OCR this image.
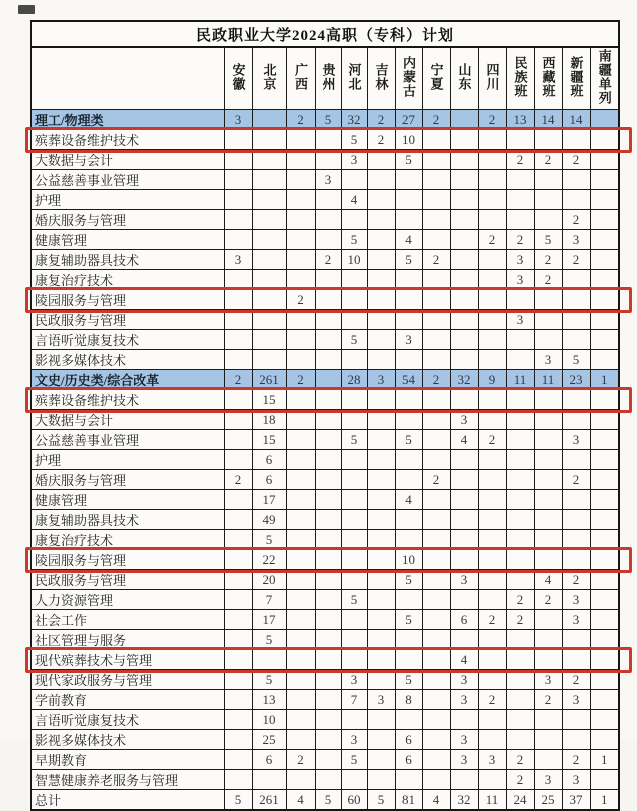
民政职业大学2024高职（专科）计划														
	安徽	北京	广西	贵州	河北	吉林	内蒙古	宁夏	山东	四川	民族班	西藏班	新疆班	南疆单列
理工/物理类	3		2	5	32	2	27	2		2	13	14	14	
殡葬设备维护技术					5	2	10							
大数据与会计					3		5				2	2	2	
公益慈善事业管理				3										
护理					4									
婚庆服务与管理													2	
健康管理					5		4			2	2	5	3	
康复辅助器具技术	3			2	10		5	2			3	2	2	
康复治疗技术											3	2		
陵园服务与管理			2											
民政服务与管理											3			
言语听觉康复技术					5		3							
影视多媒体技术												3	5	
文史/历史类/综合改革	2	261	2		28	3	54	2	32	9	11	11	23	1
殡葬设备维护技术		15												
大数据与会计		18							3					
公益慈善事业管理		15			5		5		4	2			3	
护理		6												
婚庆服务与管理	2	6						2					2	
健康管理		17					4							
康复辅助器具技术		49												
康复治疗技术		5												
陵园服务与管理		22					10							
民政服务与管理		20					5		3			4	2	
人力资源管理		7			5						2	2	3	
社会工作		17					5		6	2	2		3	
社区管理与服务		5												
现代殡葬技术与管理									4					
现代家政服务与管理		5			3		5		3			3	2	
学前教育		13			7	3	8		3	2		2	3	
言语听觉康复技术		10												
影视多媒体技术		25			3		6		3					
早期教育		6	2		5		6		3	3	2		2	1
智慧健康养老服务与管理											2	3	3	
总计	5	261	4	5	60	5	81	4	32	11	24	25	37	1
